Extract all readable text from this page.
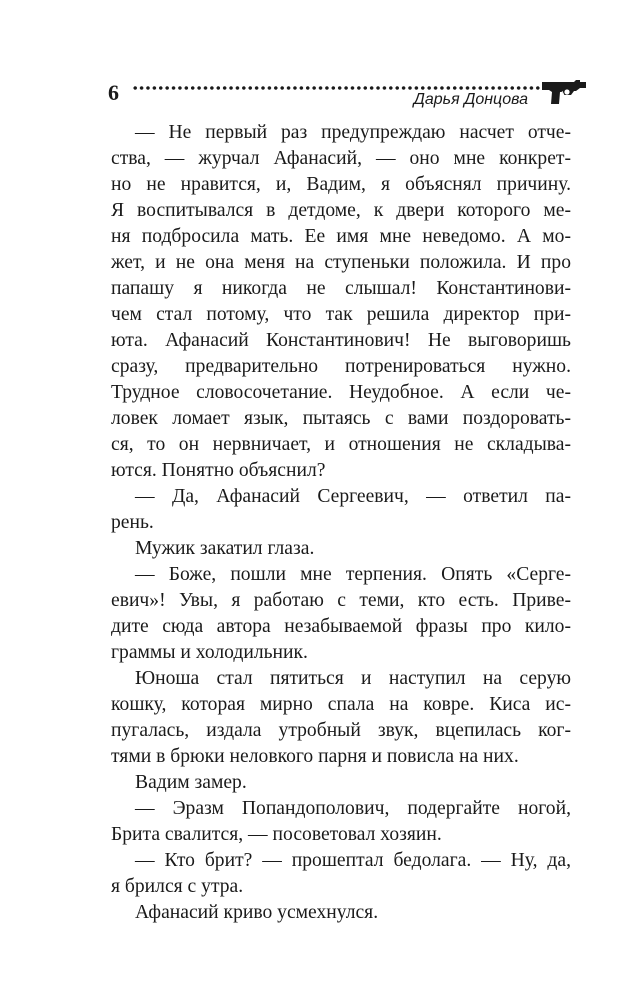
6	Дарья Донцова
— Не первый раз предупреждаю насчет отче-
ства, — журчал Афанасий, — оно мне конкрет-
но не нравится, и, Вадим, я объяснял причину.
Я воспитывался в детдоме, к двери которого ме-
ня подбросила мать. Ее имя мне неведомо. А мо-
жет, и не она меня на ступеньки положила. И про
папашу я никогда не слышал! Константинови-
чем стал потому, что так решила директор при-
юта. Афанасий Константинович! Не выговоришь
сразу, предварительно потренироваться нужно.
Трудное словосочетание. Неудобное. А если че-
ловек ломает язык, пытаясь с вами поздоровать-
ся, то он нервничает, и отношения не складыва-
ются. Понятно объяснил?
— Да, Афанасий Сергеевич, — ответил па-
рень.
Мужик закатил глаза.
— Боже, пошли мне терпения. Опять «Серге-
евич»! Увы, я работаю с теми, кто есть. Приве-
дите сюда автора незабываемой фразы про кило-
граммы и холодильник.
Юноша стал пятиться и наступил на серую
кошку, которая мирно спала на ковре. Киса ис-
пугалась, издала утробный звук, вцепилась ког-
тями в брюки неловкого парня и повисла на них.
Вадим замер.
— Эразм Попандополович, подергайте ногой,
Брита свалится, — посоветовал хозяин.
— Кто брит? — прошептал бедолага. — Ну, да,
я брился с утра.
Афанасий криво усмехнулся.
